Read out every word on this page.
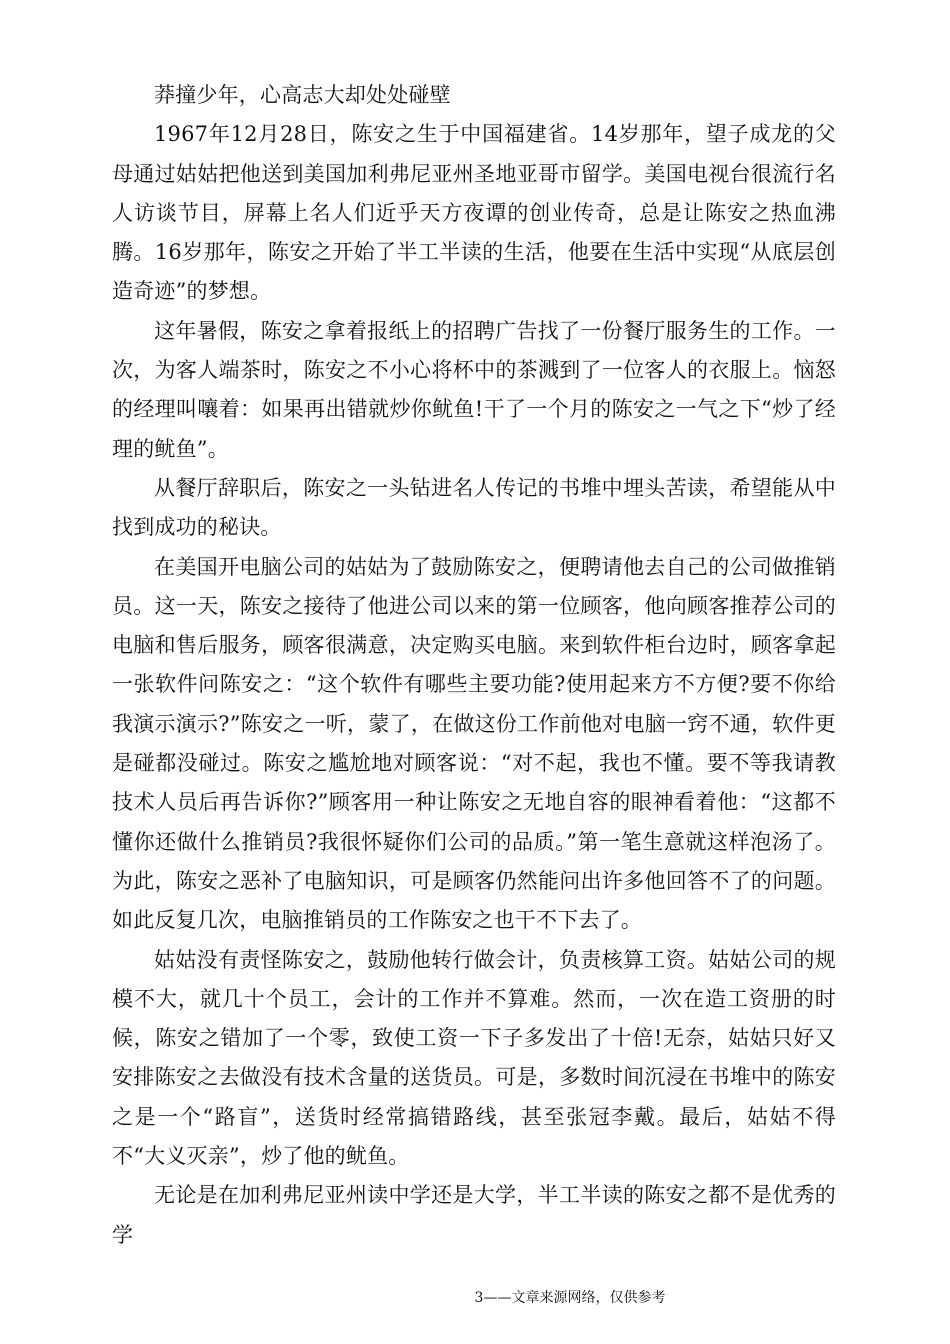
莽撞少年，心高志大却处处碰壁

1967年12月28日，陈安之生于中国福建省。14岁那年，望子成龙的父母通过姑姑把他送到美国加利弗尼亚州圣地亚哥市留学。美国电视台很流行名人访谈节目，屏幕上名人们近乎天方夜谭的创业传奇，总是让陈安之热血沸腾。16岁那年，陈安之开始了半工半读的生活，他要在生活中实现“从底层创造奇迹”的梦想。

这年暑假，陈安之拿着报纸上的招聘广告找了一份餐厅服务生的工作。一次，为客人端茶时，陈安之不小心将杯中的茶溅到了一位客人的衣服上。恼怒的经理叫嚷着：如果再出错就炒你鱿鱼!干了一个月的陈安之一气之下“炒了经理的鱿鱼”。

从餐厅辞职后，陈安之一头钻进名人传记的书堆中埋头苦读，希望能从中找到成功的秘诀。

在美国开电脑公司的姑姑为了鼓励陈安之，便聘请他去自己的公司做推销员。这一天，陈安之接待了他进公司以来的第一位顾客，他向顾客推荐公司的电脑和售后服务，顾客很满意，决定购买电脑。来到软件柜台边时，顾客拿起一张软件问陈安之：“这个软件有哪些主要功能?使用起来方不方便?要不你给我演示演示?”陈安之一听，蒙了，在做这份工作前他对电脑一窍不通，软件更是碰都没碰过。陈安之尴尬地对顾客说：“对不起，我也不懂。要不等我请教技术人员后再告诉你?”顾客用一种让陈安之无地自容的眼神看着他：“这都不懂你还做什么推销员?我很怀疑你们公司的品质。”第一笔生意就这样泡汤了。为此，陈安之恶补了电脑知识，可是顾客仍然能问出许多他回答不了的问题。如此反复几次，电脑推销员的工作陈安之也干不下去了。

姑姑没有责怪陈安之，鼓励他转行做会计，负责核算工资。姑姑公司的规模不大，就几十个员工，会计的工作并不算难。然而，一次在造工资册的时候，陈安之错加了一个零，致使工资一下子多发出了十倍!无奈，姑姑只好又安排陈安之去做没有技术含量的送货员。可是，多数时间沉浸在书堆中的陈安之是一个“路盲”，送货时经常搞错路线，甚至张冠李戴。最后，姑姑不得不“大义灭亲”，炒了他的鱿鱼。

无论是在加利弗尼亚州读中学还是大学，半工半读的陈安之都不是优秀的学

3——文章来源网络，仅供参考
